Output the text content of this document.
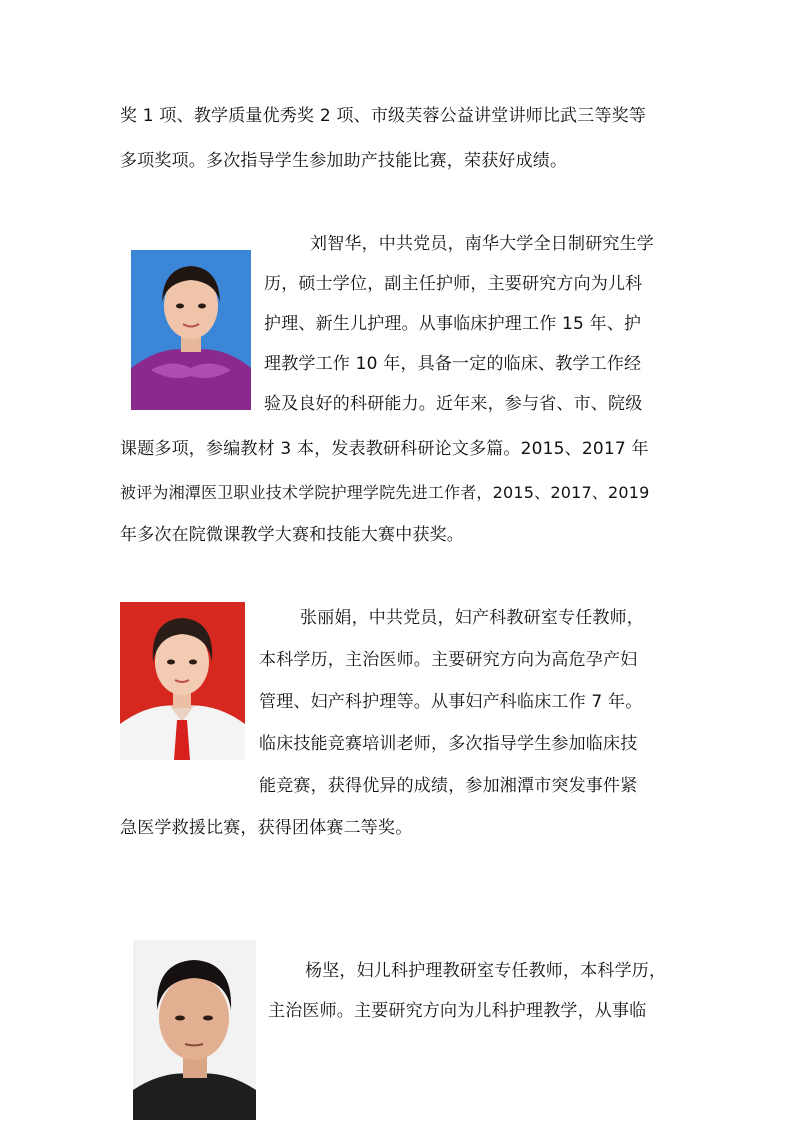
奖 1 项、教学质量优秀奖 2 项、市级芙蓉公益讲堂讲师比武三等奖等
多项奖项。多次指导学生参加助产技能比赛，荣获好成绩。
刘智华，中共党员，南华大学全日制研究生学
历，硕士学位，副主任护师，主要研究方向为儿科
护理、新生儿护理。从事临床护理工作 15 年、护
理教学工作 10 年，具备一定的临床、教学工作经
验及良好的科研能力。近年来，参与省、市、院级
课题多项，参编教材 3 本，发表教研科研论文多篇。2015、2017 年
被评为湘潭医卫职业技术学院护理学院先进工作者，2015、2017、2019
年多次在院微课教学大赛和技能大赛中获奖。
张丽娟，中共党员，妇产科教研室专任教师，
本科学历，主治医师。主要研究方向为高危孕产妇
管理、妇产科护理等。从事妇产科临床工作 7 年。
临床技能竞赛培训老师，多次指导学生参加临床技
能竞赛，获得优异的成绩，参加湘潭市突发事件紧
急医学救援比赛，获得团体赛二等奖。
杨坚，妇儿科护理教研室专任教师，本科学历，
主治医师。主要研究方向为儿科护理教学，从事临
